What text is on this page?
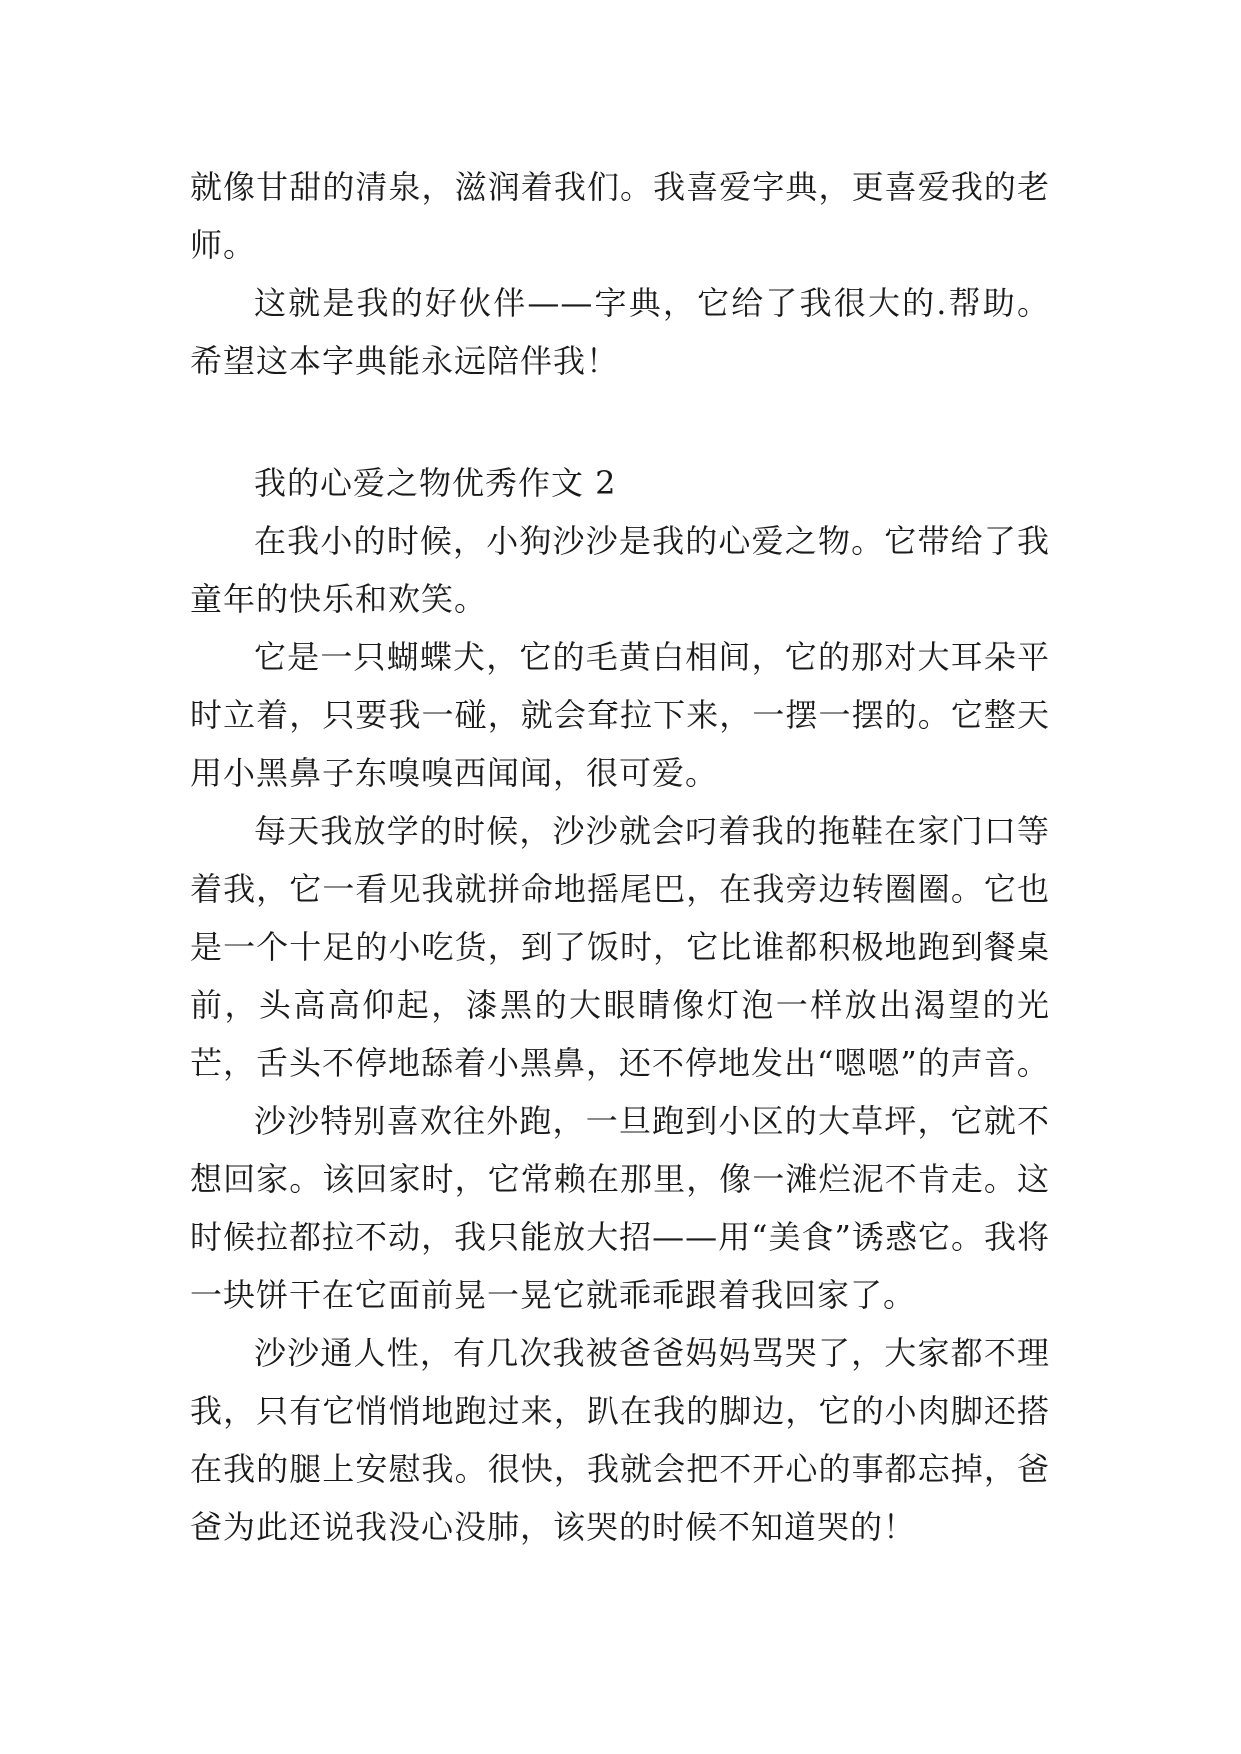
就像甘甜的清泉，滋润着我们。我喜爱字典，更喜爱我的老师。

这就是我的好伙伴——字典，它给了我很大的.帮助。希望这本字典能永远陪伴我！

我的心爱之物优秀作文 2

在我小的时候，小狗沙沙是我的心爱之物。它带给了我童年的快乐和欢笑。

它是一只蝴蝶犬，它的毛黄白相间，它的那对大耳朵平时立着，只要我一碰，就会耷拉下来，一摆一摆的。它整天用小黑鼻子东嗅嗅西闻闻，很可爱。

每天我放学的时候，沙沙就会叼着我的拖鞋在家门口等着我，它一看见我就拼命地摇尾巴，在我旁边转圈圈。它也是一个十足的小吃货，到了饭时，它比谁都积极地跑到餐桌前，头高高仰起，漆黑的大眼睛像灯泡一样放出渴望的光芒，舌头不停地舔着小黑鼻，还不停地发出“嗯嗯”的声音。

沙沙特别喜欢往外跑，一旦跑到小区的大草坪，它就不想回家。该回家时，它常赖在那里，像一滩烂泥不肯走。这时候拉都拉不动，我只能放大招——用“美食”诱惑它。我将一块饼干在它面前晃一晃它就乖乖跟着我回家了。

沙沙通人性，有几次我被爸爸妈妈骂哭了，大家都不理我，只有它悄悄地跑过来，趴在我的脚边，它的小肉脚还搭在我的腿上安慰我。很快，我就会把不开心的事都忘掉，爸爸为此还说我没心没肺，该哭的时候不知道哭的！
